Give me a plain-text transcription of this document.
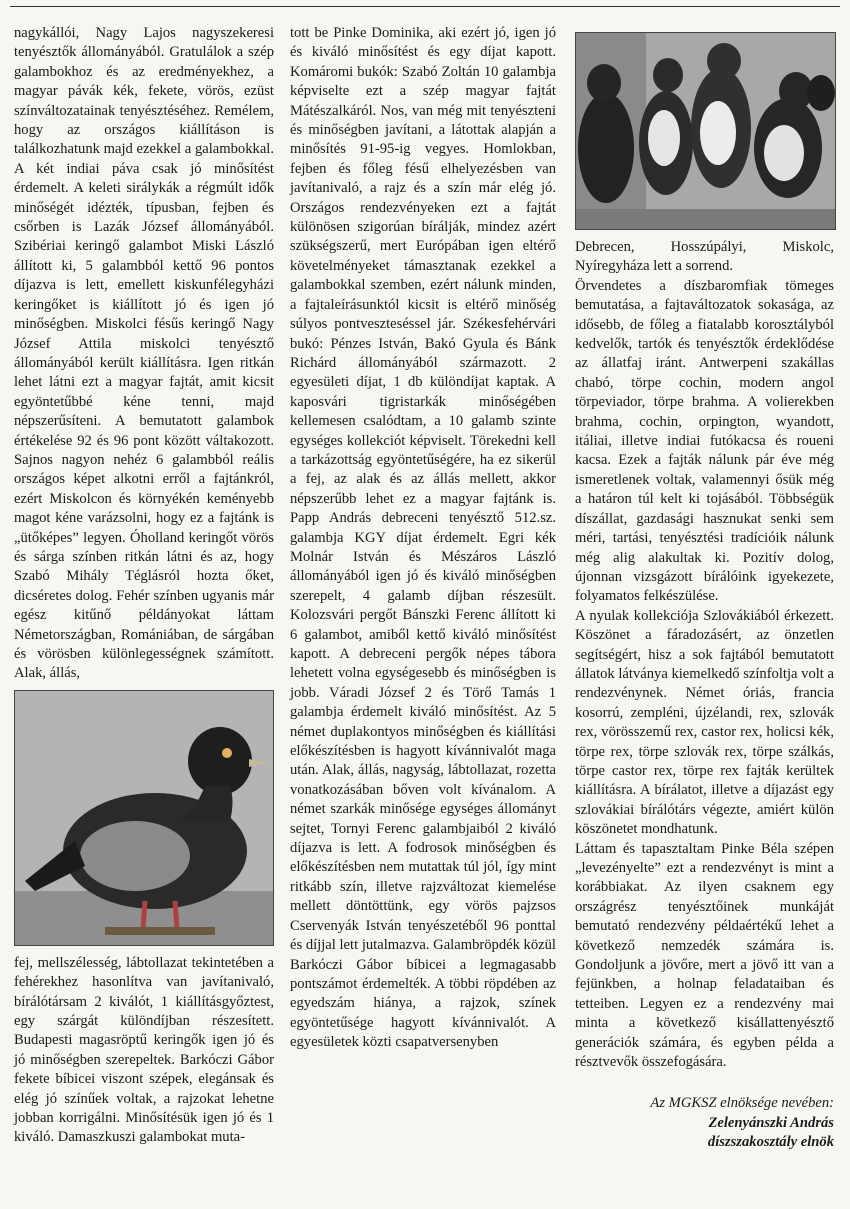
nagykállói, Nagy Lajos nagyszekeresi tenyésztők állományából. Gratulálok a szép galambokhoz és az eredményekhez, a magyar pávák kék, fekete, vörös, ezüst színváltozatainak tenyésztéséhez. Remélem, hogy az országos kiállításon is találkozhatunk majd ezekkel a galambokkal. A két indiai páva csak jó minősítést érdemelt. A keleti sirálykák a régmúlt idők minőségét idézték, típusban, fejben és csőrben is Lazák József állományából. Szibériai keringő galambot Miski László állított ki, 5 galambból kettő 96 pontos díjazva is lett, emellett kiskunfélegyházi keringőket is kiállított jó és igen jó minőségben. Miskolci fésűs keringő Nagy József Attila miskolci tenyésztő állományából került kiállításra. Igen ritkán lehet látni ezt a magyar fajtát, amit kicsit egyöntetűbbé kéne tenni, majd népszerűsíteni. A bemutatott galambok értékelése 92 és 96 pont között váltakozott. Sajnos nagyon nehéz 6 galambból reális országos képet alkotni erről a fajtánkról, ezért Miskolcon és környékén keményebb magot kéne varázsolni, hogy ez a fajtánk is „ütőképes” legyen. Óholland keringőt vörös és sárga színben ritkán látni és az, hogy Szabó Mihály Téglásról hozta őket, dicséretes dolog. Fehér színben ugyanis már egész kitűnő példányokat láttam Németországban, Romániában, de sárgában és vörösben különlegességnek számított. Alak, állás,

fej, mellszélesség, lábtollazat tekintetében a fehérekhez hasonlítva van javítanivaló, bírálótársam 2 kiválót, 1 kiállításgyőztest, egy szárgát különdíjban részesített. Budapesti magasröptű keringők igen jó és jó minőségben szerepeltek. Barkóczi Gábor fekete bíbicei viszont szépek, elegánsak és elég jó színűek voltak, a rajzokat lehetne jobban korrigálni. Minősítésük igen jó és 1 kiváló. Damaszkuszi galambokat muta-

tott be Pinke Dominika, aki ezért jó, igen jó és kiváló minősítést és egy díjat kapott. Komáromi bukók: Szabó Zoltán 10 galambja képviselte ezt a szép magyar fajtát Mátészalkáról. Nos, van még mit tenyészteni és minőségben javítani, a látottak alapján a minősítés 91-95-ig vegyes. Homlokban, fejben és főleg fésű elhelyezésben van javítanivaló, a rajz és a szín már elég jó. Országos rendezvényeken ezt a fajtát különösen szigorúan bírálják, mindez azért szükségszerű, mert Európában igen eltérő követelményeket támasztanak ezekkel a galambokkal szemben, ezért nálunk minden, a fajtaleírásunktól kicsit is eltérő minőség súlyos pontveszteséssel jár. Székesfehérvári bukó: Pénzes István, Bakó Gyula és Bánk Richárd állományából származott. 2 egyesületi díjat, 1 db különdíjat kaptak. A kaposvári tigristarkák minőségében kellemesen csalódtam, a 10 galamb szinte egységes kollekciót képviselt. Törekedni kell a tarkázottság egyöntetűségére, ha ez sikerül a fej, az alak és az állás mellett, akkor népszerűbb lehet ez a magyar fajtánk is. Papp András debreceni tenyésztő 512.sz. galambja KGY díjat érdemelt. Egri kék Molnár István és Mészáros László állományából igen jó és kiváló minőségben szerepelt, 4 galamb díjban részesült. Kolozsvári pergőt Bánszki Ferenc állított ki 6 galambot, amiből kettő kiváló minősítést kapott. A debreceni pergők népes tábora lehetett volna egységesebb és minőségben is jobb. Váradi József 2 és Törő Tamás 1 galambja érdemelt kiváló minősítést. Az 5 német duplakontyos minőségben és kiállítási előkészítésben is hagyott kívánnivalót maga után. Alak, állás, nagyság, lábtollazat, rozetta vonatkozásában bőven volt kívánalom. A német szarkák minősége egységes állományt sejtet, Tornyi Ferenc galambjaiból 2 kiváló díjazva is lett. A fodrosok minőségben és előkészítésben nem mutattak túl jól, így mint ritkább szín, illetve rajzváltozat kiemelése mellett döntöttünk, egy vörös pajzsos Cservenyák István tenyészetéből 96 ponttal és díjjal lett jutalmazva. Galambröpdék közül Barkóczi Gábor bíbicei a legmagasabb pontszámot érdemelték. A többi röpdében az egyedszám hiánya, a rajzok, színek egyöntetűsége hagyott kívánnivalót. A egyesületek közti csapatversenyben

Debrecen, Hosszúpályi, Miskolc, Nyíregyháza lett a sorrend.

Örvendetes a díszbaromfiak tömeges bemutatása, a fajtaváltozatok sokasága, az idősebb, de főleg a fiatalabb korosztályból kedvelők, tartók és tenyésztők érdeklődése az állatfaj iránt. Antwerpeni szakállas chabó, törpe cochin, modern angol törpeviador, törpe brahma. A volierekben brahma, cochin, orpington, wyandott, itáliai, illetve indiai futókacsa és roueni kacsa. Ezek a fajták nálunk pár éve még ismeretlenek voltak, valamennyi ősük még a határon túl kelt ki tojásából. Többségük díszállat, gazdasági hasznukat senki sem méri, tartási, tenyésztési tradícióik nálunk még alig alakultak ki. Pozitív dolog, újonnan vizsgázott bírálóink igyekezete, folyamatos felkészülése.

A nyulak kollekciója Szlovákiából érkezett. Köszönet a fáradozásért, az önzetlen segítségért, hisz a sok fajtából bemutatott állatok látványa kiemelkedő színfoltja volt a rendezvénynek. Német óriás, francia kosorrú, zempléni, újzélandi, rex, szlovák rex, vörösszemű rex, castor rex, holicsi kék, törpe rex, törpe szlovák rex, törpe szálkás, törpe castor rex, törpe rex fajták kerültek kiállításra. A bírálatot, illetve a díjazást egy szlovákiai bírálótárs végezte, amiért külön köszönetet mondhatunk.

Láttam és tapasztaltam Pinke Béla szépen „levezényelte” ezt a rendezvényt is mint a korábbiakat. Az ilyen csaknem egy országrész tenyésztőinek munkáját bemutató rendezvény példaértékű lehet a következő nemzedék számára is. Gondoljunk a jövőre, mert a jövő itt van a fejünkben, a holnap feladataiban és tetteiben. Legyen ez a rendezvény mai minta a következő kisállattenyésztő generációk számára, és egyben példa a résztvevők összefogására.

Az MGKSZ elnöksége nevében:

Zelenyánszki András

díszszakosztály elnök
